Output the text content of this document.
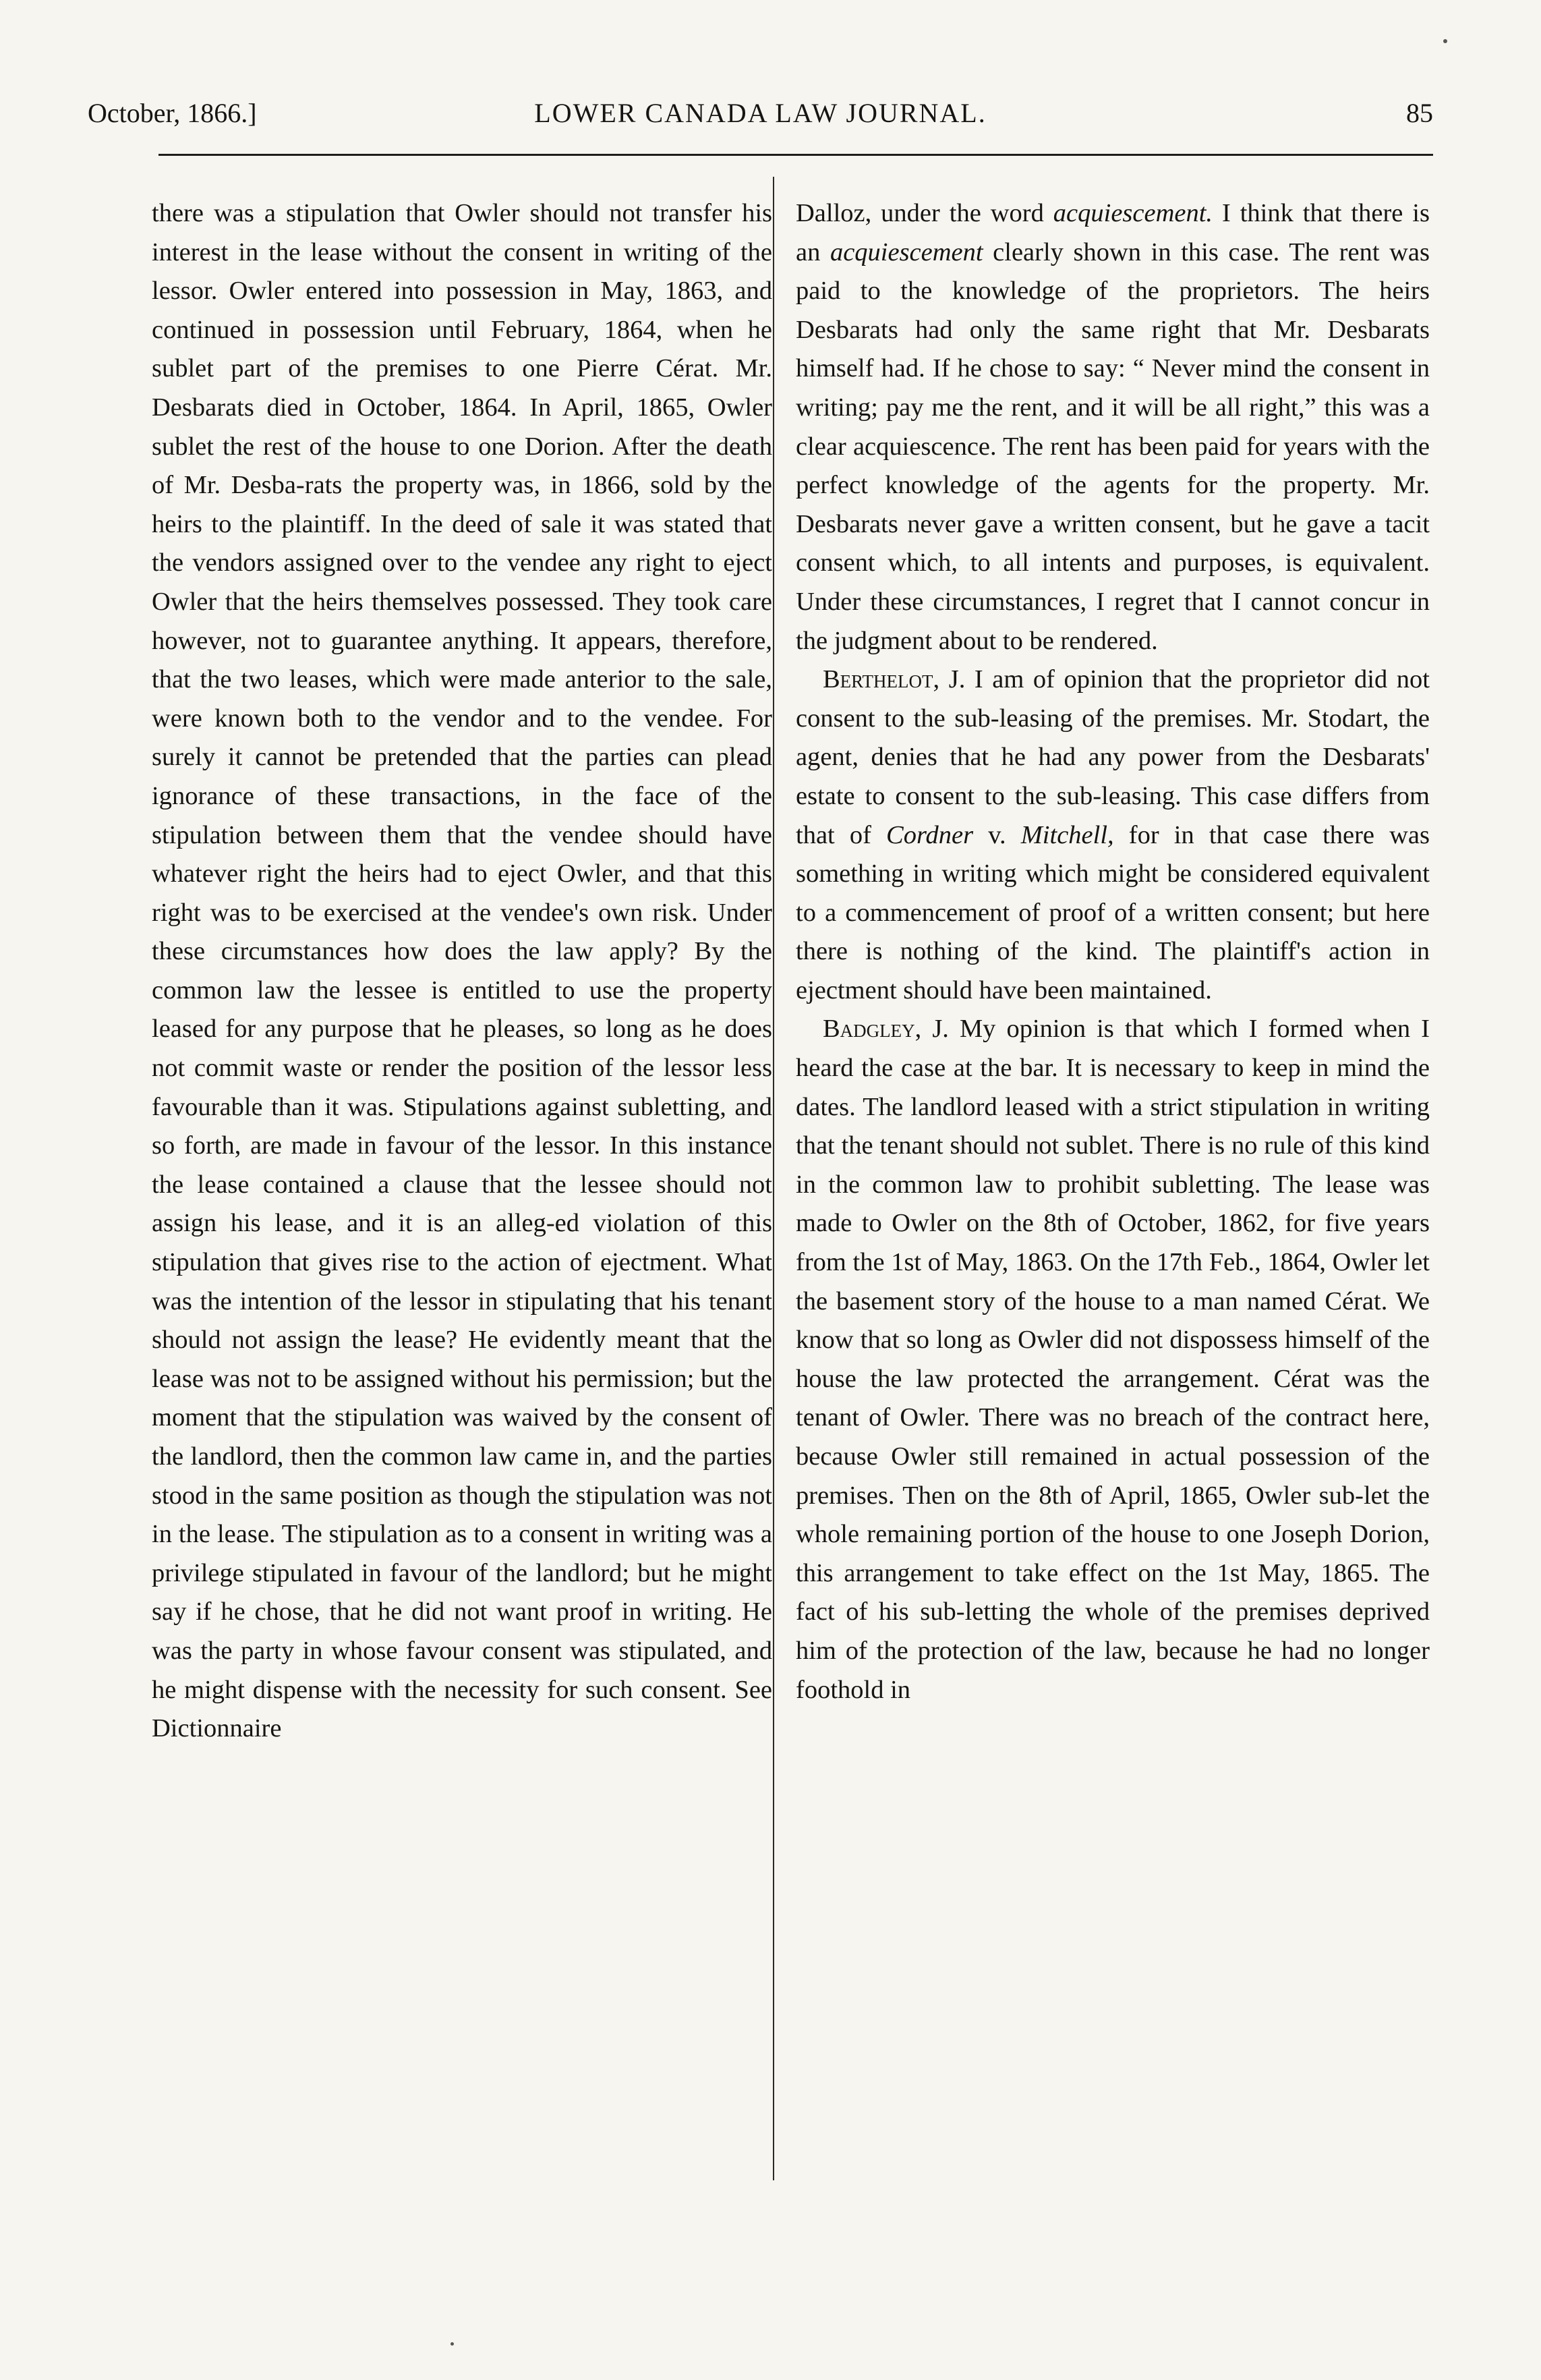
October, 1866.]	LOWER CANADA LAW JOURNAL.	85

there was a stipulation that Owler should not transfer his interest in the lease without the consent in writing of the lessor. Owler entered into possession in May, 1863, and continued in possession until February, 1864, when he sublet part of the premises to one Pierre Cérat. Mr. Desbarats died in October, 1864. In April, 1865, Owler sublet the rest of the house to one Dorion. After the death of Mr. Desba-rats the property was, in 1866, sold by the heirs to the plaintiff. In the deed of sale it was stated that the vendors assigned over to the vendee any right to eject Owler that the heirs themselves possessed. They took care however, not to guarantee anything. It appears, therefore, that the two leases, which were made anterior to the sale, were known both to the vendor and to the vendee. For surely it cannot be pretended that the parties can plead ignorance of these transactions, in the face of the stipulation between them that the vendee should have whatever right the heirs had to eject Owler, and that this right was to be exercised at the vendee's own risk. Under these circumstances how does the law apply? By the common law the lessee is entitled to use the property leased for any purpose that he pleases, so long as he does not commit waste or render the position of the lessor less favourable than it was. Stipulations against subletting, and so forth, are made in favour of the lessor. In this instance the lease contained a clause that the lessee should not assign his lease, and it is an alleg-ed violation of this stipulation that gives rise to the action of ejectment. What was the intention of the lessor in stipulating that his tenant should not assign the lease? He evidently meant that the lease was not to be assigned without his permission; but the moment that the stipulation was waived by the consent of the landlord, then the common law came in, and the parties stood in the same position as though the stipulation was not in the lease. The stipulation as to a consent in writing was a privilege stipulated in favour of the landlord; but he might say if he chose, that he did not want proof in writing. He was the party in whose favour consent was stipulated, and he might dispense with the necessity for such consent. See Dictionnaire

Dalloz, under the word acquiescement. I think that there is an acquiescement clearly shown in this case. The rent was paid to the knowledge of the proprietors. The heirs Desbarats had only the same right that Mr. Desbarats himself had. If he chose to say: “ Never mind the consent in writing; pay me the rent, and it will be all right,” this was a clear acquiescence. The rent has been paid for years with the perfect knowledge of the agents for the property. Mr. Desbarats never gave a written consent, but he gave a tacit consent which, to all intents and purposes, is equivalent. Under these circumstances, I regret that I cannot concur in the judgment about to be rendered.

Berthelot, J. I am of opinion that the proprietor did not consent to the sub-leasing of the premises. Mr. Stodart, the agent, denies that he had any power from the Desbarats' estate to consent to the sub-leasing. This case differs from that of Cordner v. Mitchell, for in that case there was something in writing which might be considered equivalent to a commencement of proof of a written consent; but here there is nothing of the kind. The plaintiff's action in ejectment should have been maintained.

Badgley, J. My opinion is that which I formed when I heard the case at the bar. It is necessary to keep in mind the dates. The landlord leased with a strict stipulation in writing that the tenant should not sublet. There is no rule of this kind in the common law to prohibit subletting. The lease was made to Owler on the 8th of October, 1862, for five years from the 1st of May, 1863. On the 17th Feb., 1864, Owler let the basement story of the house to a man named Cérat. We know that so long as Owler did not dispossess himself of the house the law protected the arrangement. Cérat was the tenant of Owler. There was no breach of the contract here, because Owler still remained in actual possession of the premises. Then on the 8th of April, 1865, Owler sub-let the whole remaining portion of the house to one Joseph Dorion, this arrangement to take effect on the 1st May, 1865. The fact of his sub-letting the whole of the premises deprived him of the protection of the law, because he had no longer foothold in
